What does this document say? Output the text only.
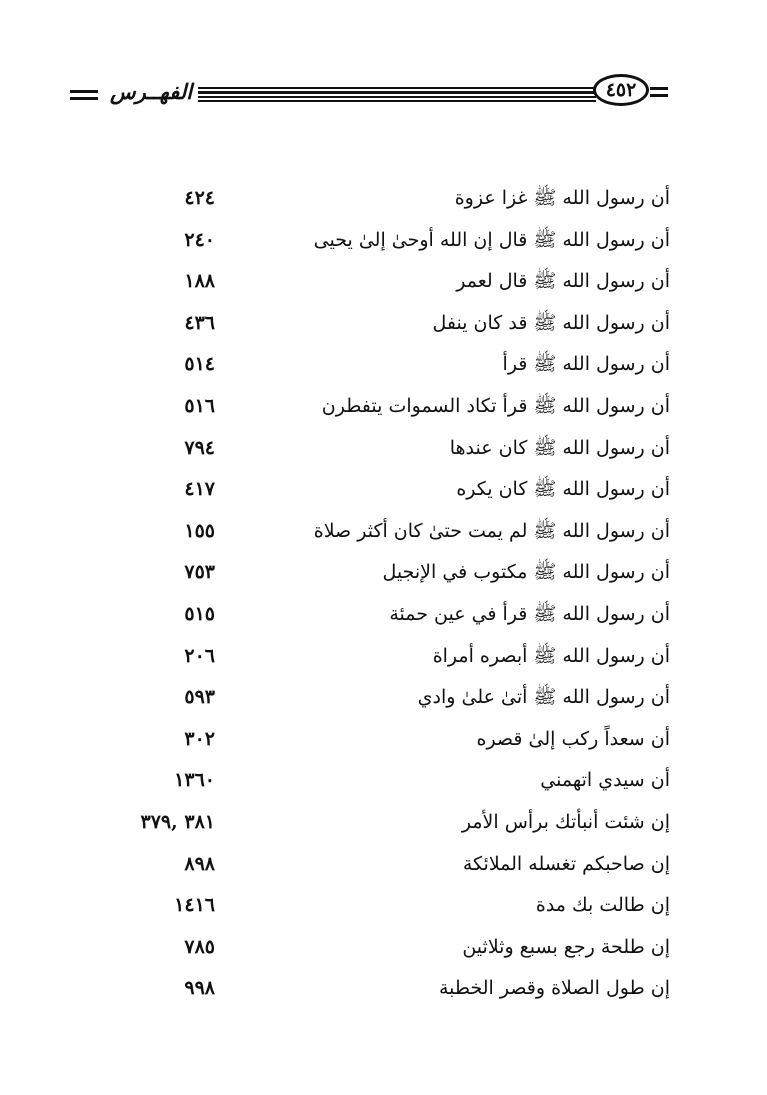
الفهــرس	٤٥٢
أن رسول الله ﷺ غزا عزوة
٤٢٤
أن رسول الله ﷺ قال إن الله أوحىٰ إلىٰ يحيى
٢٤٠
أن رسول الله ﷺ قال لعمر
١٨٨
أن رسول الله ﷺ قد كان ينفل
٤٣٦
أن رسول الله ﷺ قرأ
٥١٤
أن رسول الله ﷺ قرأ تكاد السموات يتفطرن
٥١٦
أن رسول الله ﷺ كان عندها
٧٩٤
أن رسول الله ﷺ كان يكره
٤١٧
أن رسول الله ﷺ لم يمت حتىٰ كان أكثر صلاة
١٥٥
أن رسول الله ﷺ مكتوب في الإنجيل
٧٥٣
أن رسول الله ﷺ قرأ في عين حمئة
٥١٥
أن رسول الله ﷺ أبصره أمراة
٢٠٦
أن رسول الله ﷺ أتىٰ علىٰ وادي
٥٩٣
أن سعداً ركب إلىٰ قصره
٣٠٢
أن سيدي اتهمني
١٣٦٠
إن شئت أنبأتك برأس الأمر
٣٨١ ,٣٧٩
إن صاحبكم تغسله الملائكة
٨٩٨
إن طالت بك مدة
١٤١٦
إن طلحة رجع بسبع وثلاثين
٧٨٥
إن طول الصلاة وقصر الخطبة
٩٩٨
